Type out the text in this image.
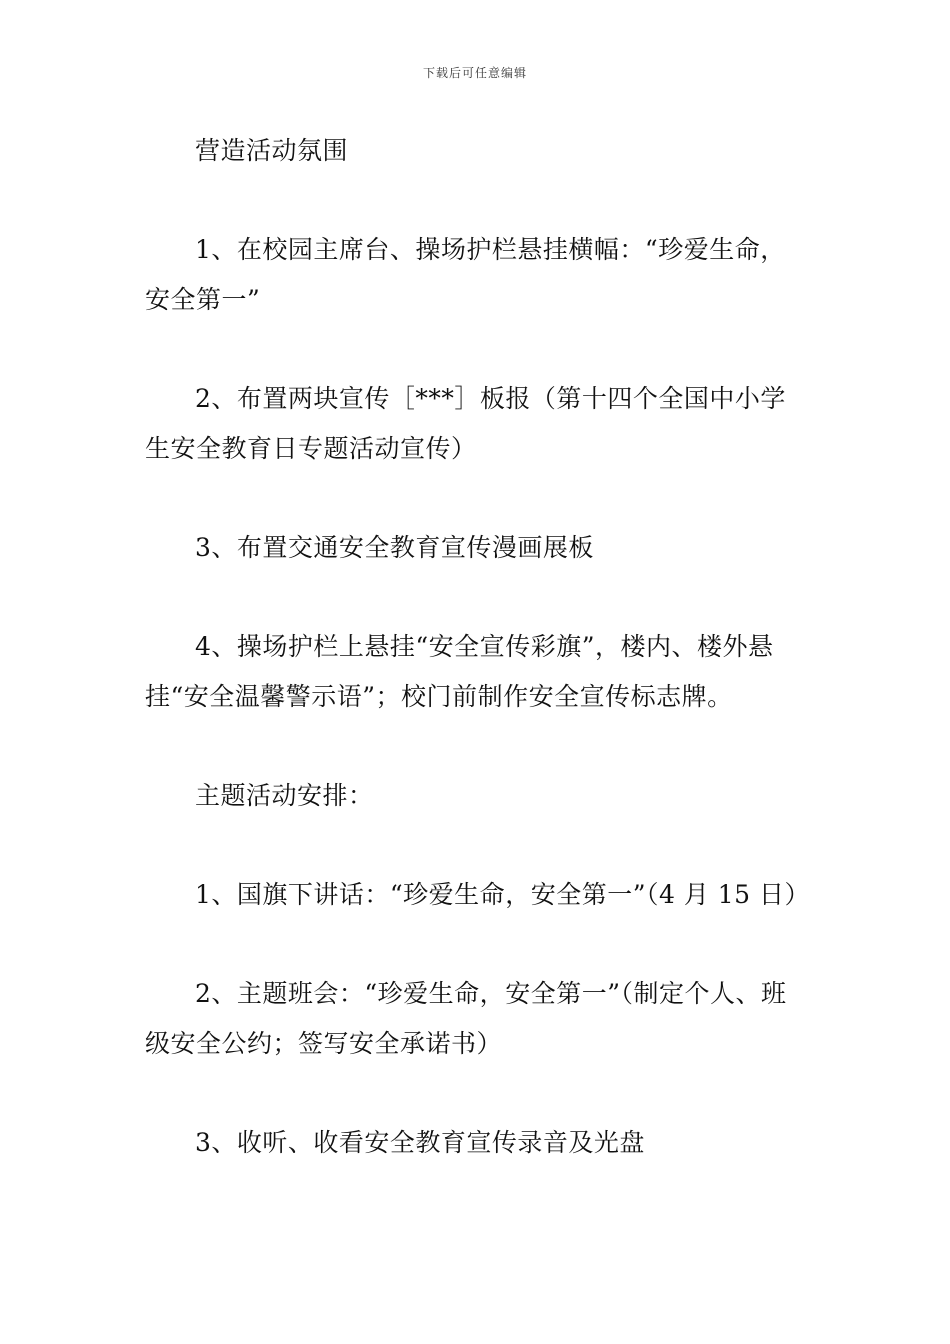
下载后可任意编辑

营造活动氛围

1、在校园主席台、操场护栏悬挂横幅：“珍爱生命，安全第一”

2、布置两块宣传［***］板报（第十四个全国中小学生安全教育日专题活动宣传）

3、布置交通安全教育宣传漫画展板

4、操场护栏上悬挂“安全宣传彩旗”，楼内、楼外悬挂“安全温馨警示语”；校门前制作安全宣传标志牌。

主题活动安排：

1、国旗下讲话：“珍爱生命，安全第一”（4 月 15 日）

2、主题班会：“珍爱生命，安全第一”（制定个人、班级安全公约；签写安全承诺书）

3、收听、收看安全教育宣传录音及光盘
